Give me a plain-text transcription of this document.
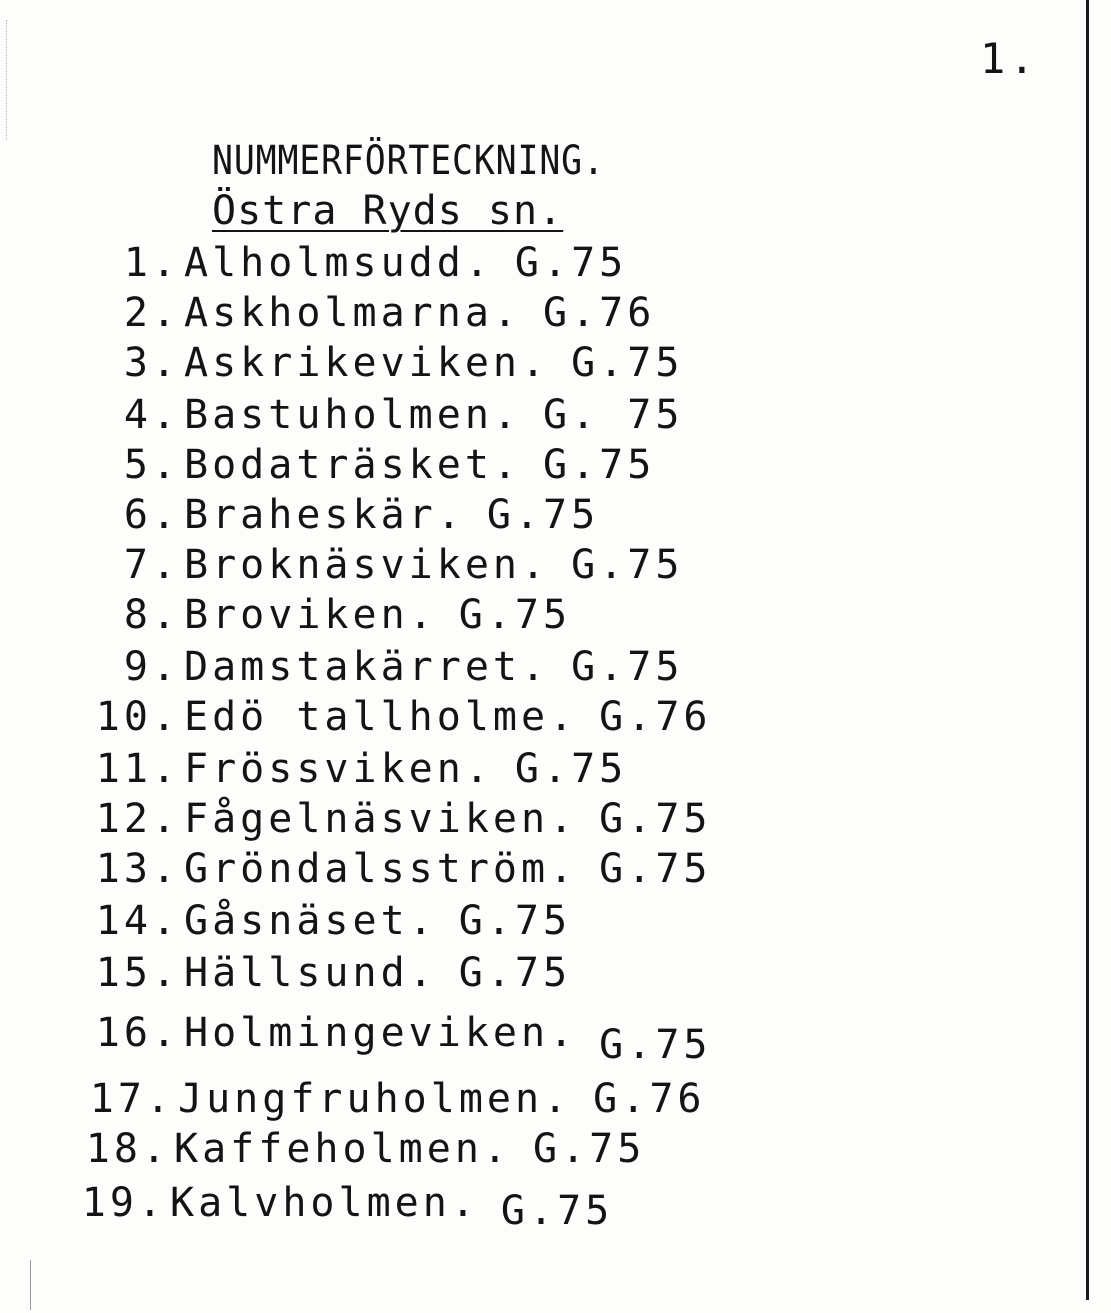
1.
NUMMERFÖRTECKNING.
Östra Ryds sn.
1. Alholmsudd. G.75
2. Askholmarna. G.76
3. Askrikeviken. G.75
4. Bastuholmen. G. 75
5. Bodaträsket. G.75
6. Braheskär. G.75
7. Broknäsviken. G.75
8. Broviken. G.75
9. Damstakärret. G.75
10. Edö tallholme. G.76
11. Frössviken. G.75
12. Fågelnäsviken. G.75
13. Gröndalsström. G.75
14. Gåsnäset. G.75
15. Hällsund. G.75
16. Holmingeviken. G.75
17. Jungfruholmen. G.76
18. Kaffeholmen. G.75
19. Kalvholmen. G.75
